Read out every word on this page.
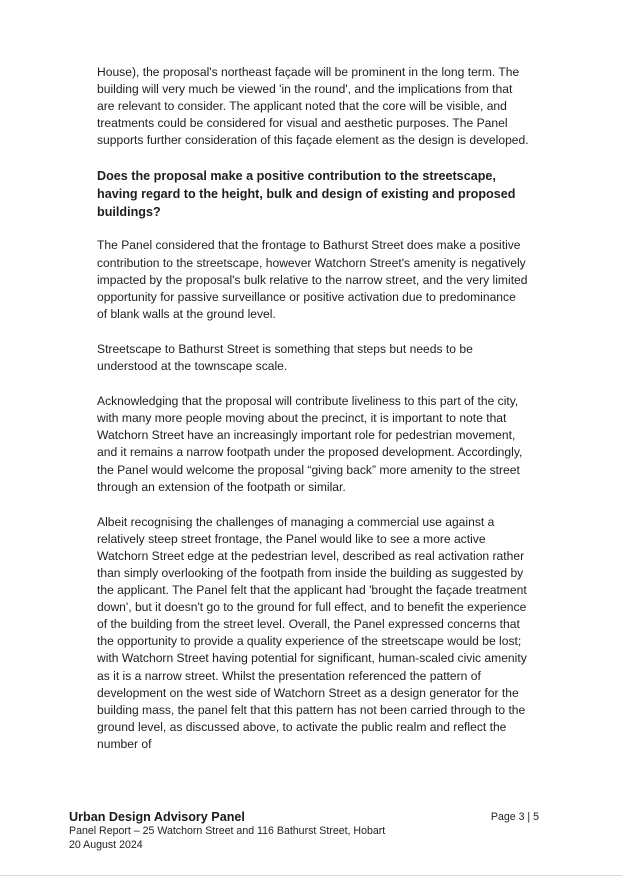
House), the proposal's northeast façade will be prominent in the long term. The building will very much be viewed 'in the round', and the implications from that are relevant to consider. The applicant noted that the core will be visible, and treatments could be considered for visual and aesthetic purposes. The Panel supports further consideration of this façade element as the design is developed.

Does the proposal make a positive contribution to the streetscape, having regard to the height, bulk and design of existing and proposed buildings?

The Panel considered that the frontage to Bathurst Street does make a positive contribution to the streetscape, however Watchorn Street's amenity is negatively impacted by the proposal's bulk relative to the narrow street, and the very limited opportunity for passive surveillance or positive activation due to predominance of blank walls at the ground level.

Streetscape to Bathurst Street is something that steps but needs to be understood at the townscape scale.

Acknowledging that the proposal will contribute liveliness to this part of the city, with many more people moving about the precinct, it is important to note that Watchorn Street have an increasingly important role for pedestrian movement, and it remains a narrow footpath under the proposed development. Accordingly, the Panel would welcome the proposal “giving back” more amenity to the street through an extension of the footpath or similar.

Albeit recognising the challenges of managing a commercial use against a relatively steep street frontage, the Panel would like to see a more active Watchorn Street edge at the pedestrian level, described as real activation rather than simply overlooking of the footpath from inside the building as suggested by the applicant. The Panel felt that the applicant had 'brought the façade treatment down', but it doesn't go to the ground for full effect, and to benefit the experience of the building from the street level. Overall, the Panel expressed concerns that the opportunity to provide a quality experience of the streetscape would be lost; with Watchorn Street having potential for significant, human-scaled civic amenity as it is a narrow street. Whilst the presentation referenced the pattern of development on the west side of Watchorn Street as a design generator for the building mass, the panel felt that this pattern has not been carried through to the ground level, as discussed above, to activate the public realm and reflect the number of

Urban Design Advisory Panel
Panel Report – 25 Watchorn Street and 116 Bathurst Street, Hobart
20 August 2024
Page 3 | 5
